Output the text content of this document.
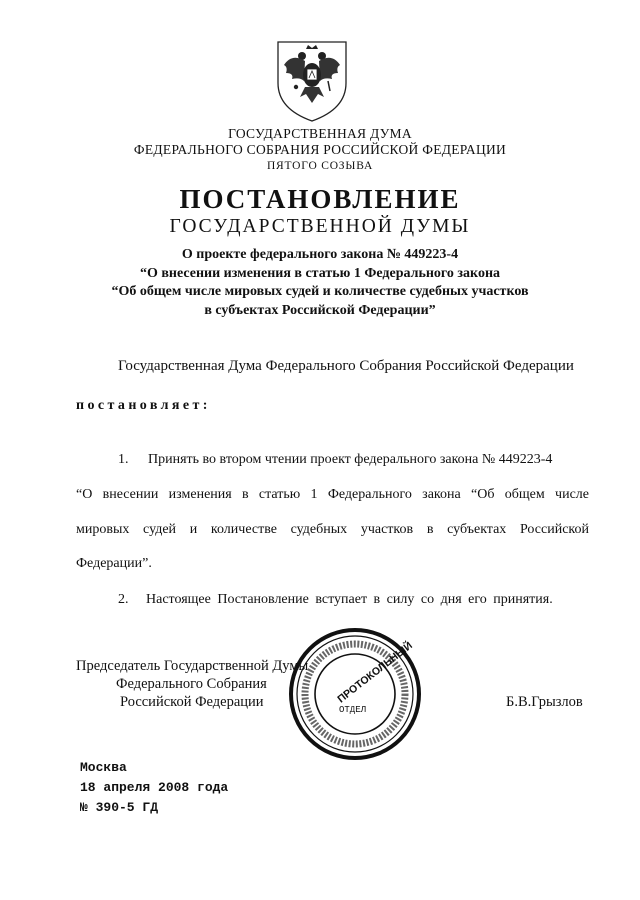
ГОСУДАРСТВЕННАЯ ДУМА
ФЕДЕРАЛЬНОГО СОБРАНИЯ РОССИЙСКОЙ ФЕДЕРАЦИИ
ПЯТОГО СОЗЫВА
ПОСТАНОВЛЕНИЕ
ГОСУДАРСТВЕННОЙ ДУМЫ
О проекте федерального закона № 449223-4
“О внесении изменения в статью 1 Федерального закона
“Об общем числе мировых судей и количестве судебных участков
в субъектах Российской Федерации”
Государственная Дума Федерального Собрания Российской Федерации
постановляет:
1. Принять во втором чтении проект федерального закона № 449223-4
“О внесении изменения в статью 1 Федерального закона “Об общем числе
мировых судей и количестве судебных участков в субъектах Российской
Федерации”.
2. Настоящее Постановление вступает в силу со дня его принятия.
Председатель Государственной Думы
Федерального Собрания
Российской Федерации	Б.В.Грызлов
ПРОТОКОЛЬНЫЙ
ОТДЕЛ
Москва
18 апреля 2008 года
№ 390-5 ГД
